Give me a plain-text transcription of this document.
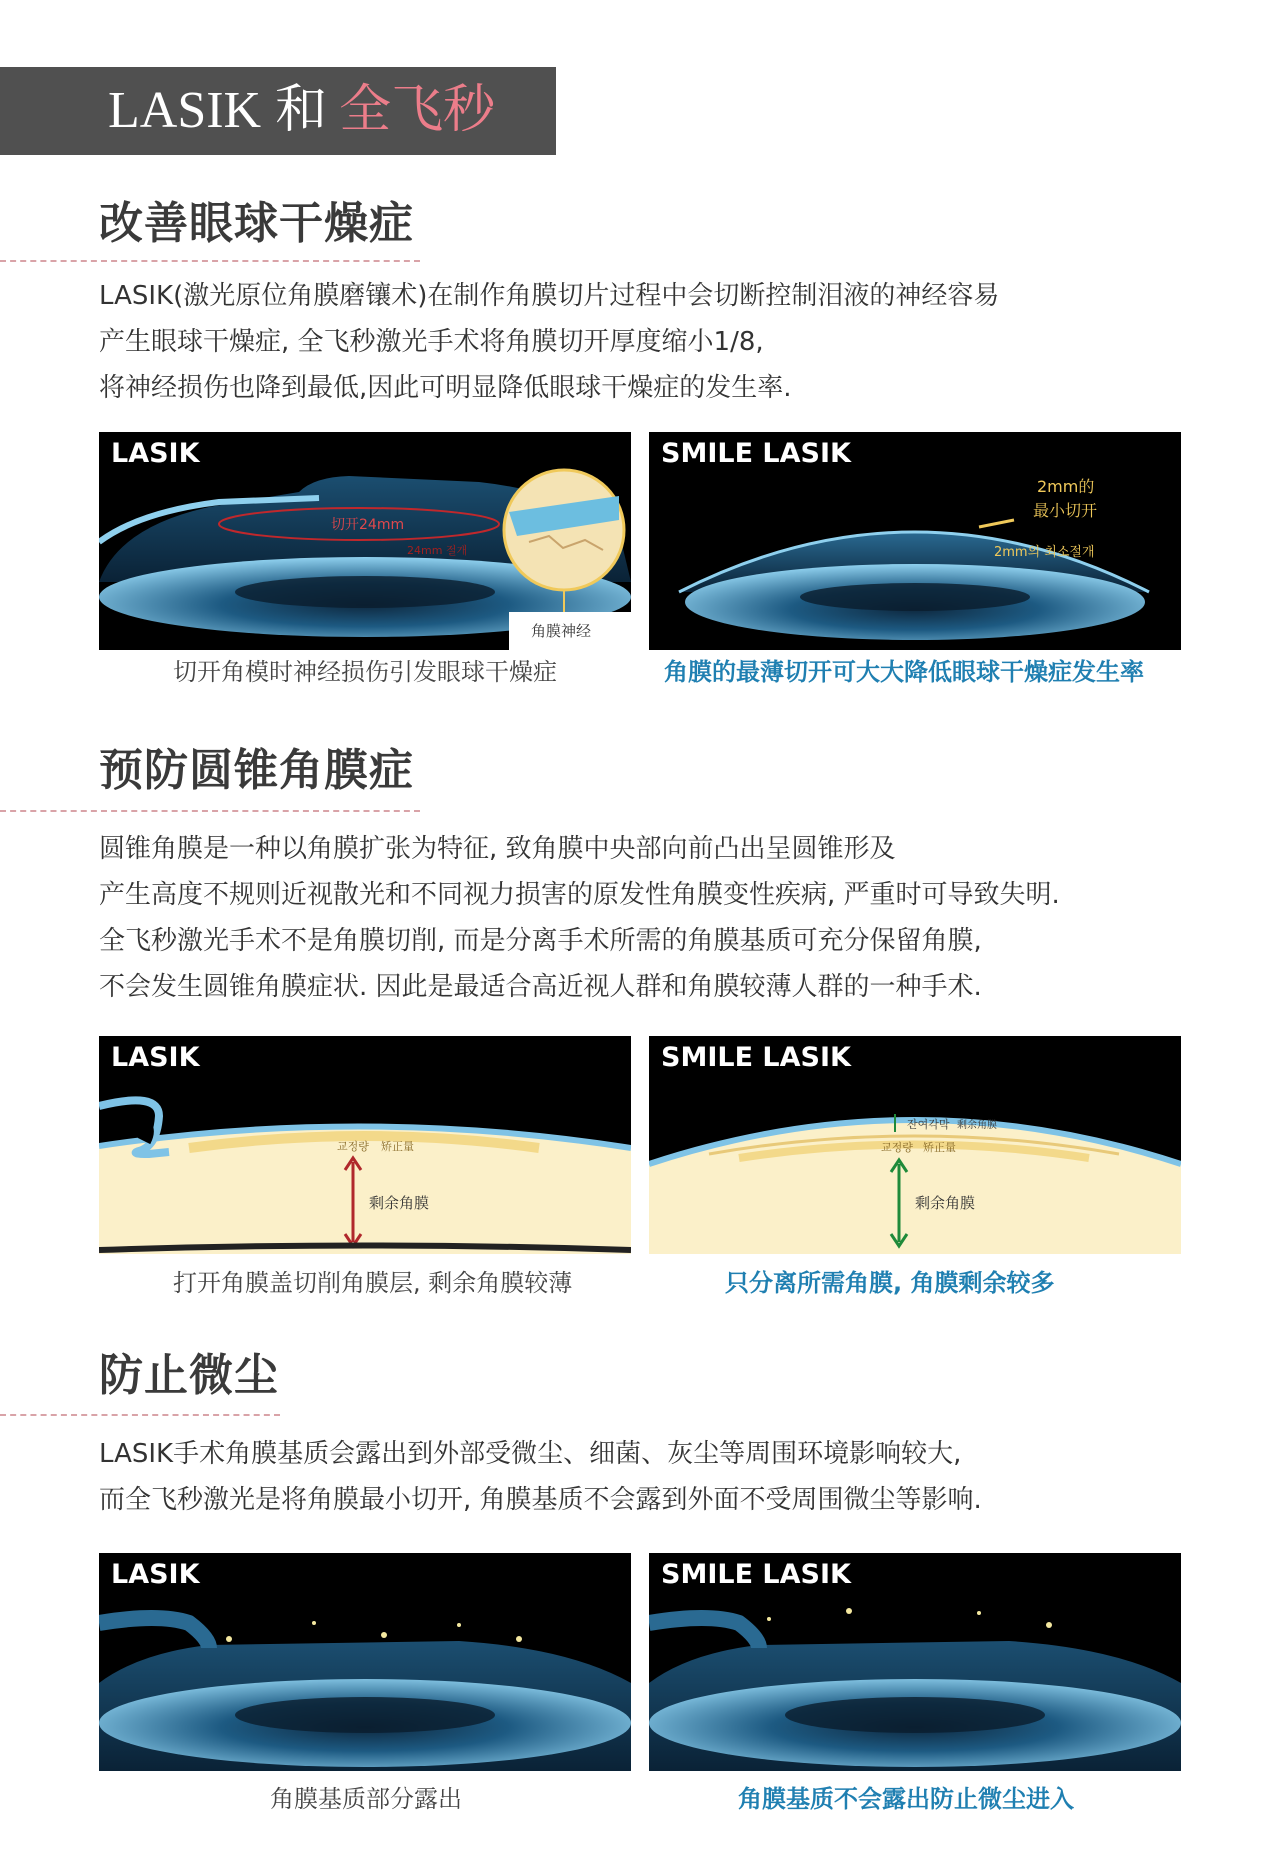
LASIK 和 全飞秒
改善眼球干燥症
LASIK(激光原位角膜磨镶术)在制作角膜切片过程中会切断控制泪液的神经容易
产生眼球干燥症, 全飞秒激光手术将角膜切开厚度缩小1/8,
将神经损伤也降到最低,因此可明显降低眼球干燥症的发生率.
LASIK
切开24mm
24mm 절개
角膜神经
切开角模时神经损伤引发眼球干燥症
SMILE LASIK
2mm的
最小切开
2mm의 최소절개
角膜的最薄切开可大大降低眼球干燥症发生率
预防圆锥角膜症
圆锥角膜是一种以角膜扩张为特征, 致角膜中央部向前凸出呈圆锥形及
产生高度不规则近视散光和不同视力损害的原发性角膜变性疾病, 严重时可导致失明.
全飞秒激光手术不是角膜切削, 而是分离手术所需的角膜基质可充分保留角膜,
不会发生圆锥角膜症状. 因此是最适合高近视人群和角膜较薄人群的一种手术.
LASIK
교정량 矫正量
剩余角膜
打开角膜盖切削角膜层, 剩余角膜较薄
SMILE LASIK
잔여각막 剩余角膜
교정량 矫正量
剩余角膜
只分离所需角膜, 角膜剩余较多
防止微尘
LASIK手术角膜基质会露出到外部受微尘、细菌、灰尘等周围环境影响较大,
而全飞秒激光是将角膜最小切开, 角膜基质不会露到外面不受周围微尘等影响.
LASIK
角膜基质部分露出
SMILE LASIK
角膜基质不会露出防止微尘进入
